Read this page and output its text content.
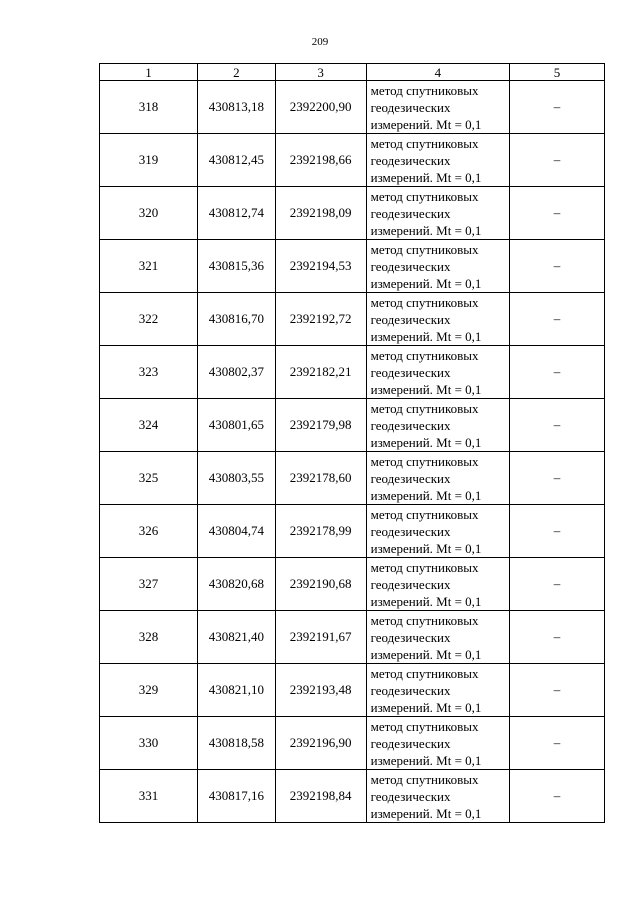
209
1	2	3	4	5
318	430813,18	2392200,90	метод спутниковых
геодезических
измерений. Mt = 0,1	–
319	430812,45	2392198,66	метод спутниковых
геодезических
измерений. Mt = 0,1	–
320	430812,74	2392198,09	метод спутниковых
геодезических
измерений. Mt = 0,1	–
321	430815,36	2392194,53	метод спутниковых
геодезических
измерений. Mt = 0,1	–
322	430816,70	2392192,72	метод спутниковых
геодезических
измерений. Mt = 0,1	–
323	430802,37	2392182,21	метод спутниковых
геодезических
измерений. Mt = 0,1	–
324	430801,65	2392179,98	метод спутниковых
геодезических
измерений. Mt = 0,1	–
325	430803,55	2392178,60	метод спутниковых
геодезических
измерений. Mt = 0,1	–
326	430804,74	2392178,99	метод спутниковых
геодезических
измерений. Mt = 0,1	–
327	430820,68	2392190,68	метод спутниковых
геодезических
измерений. Mt = 0,1	–
328	430821,40	2392191,67	метод спутниковых
геодезических
измерений. Mt = 0,1	–
329	430821,10	2392193,48	метод спутниковых
геодезических
измерений. Mt = 0,1	–
330	430818,58	2392196,90	метод спутниковых
геодезических
измерений. Mt = 0,1	–
331	430817,16	2392198,84	метод спутниковых
геодезических
измерений. Mt = 0,1	–
